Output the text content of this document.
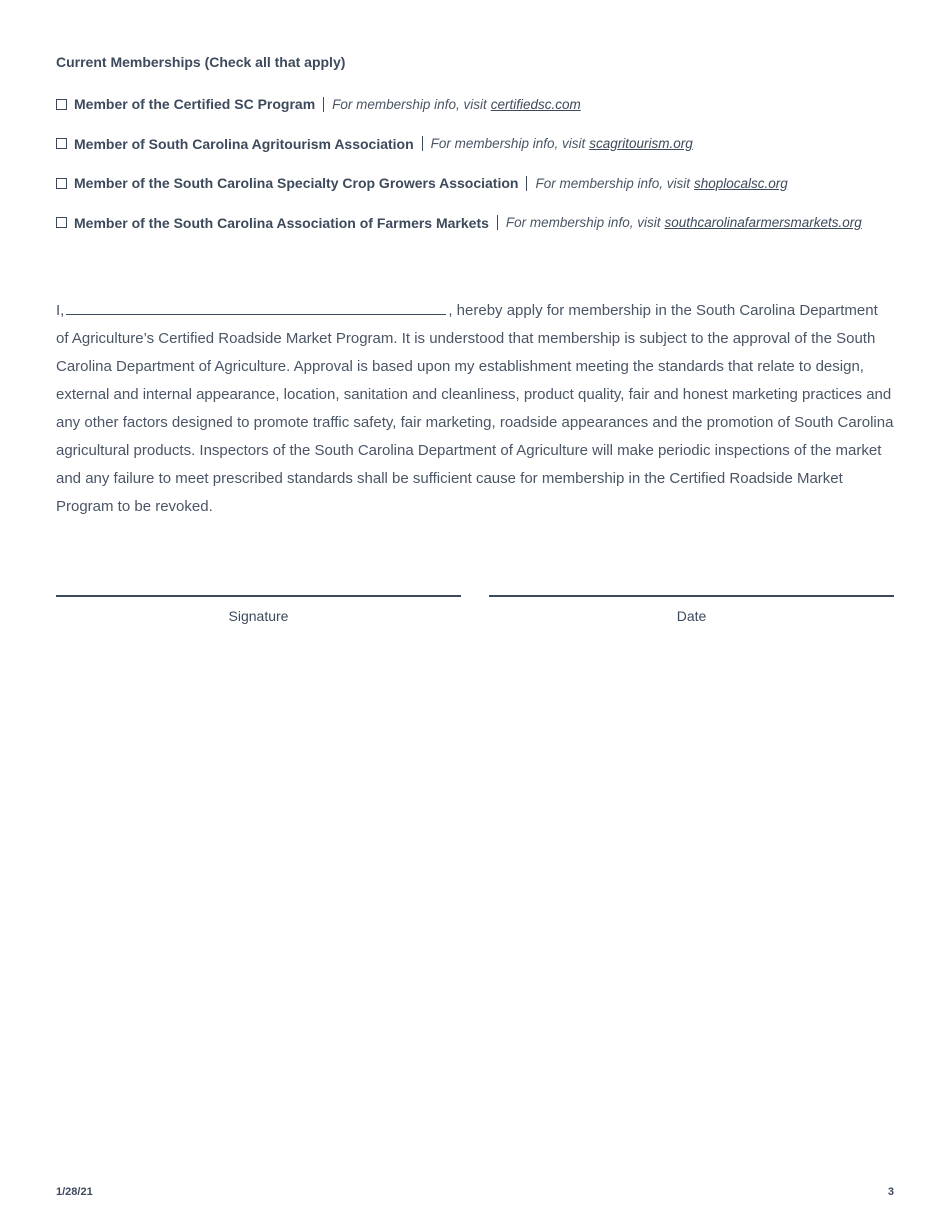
Current Memberships (Check all that apply)
Member of the Certified SC Program For membership info, visit certifiedsc.com
Member of South Carolina Agritourism Association For membership info, visit scagritourism.org
Member of the South Carolina Specialty Crop Growers Association For membership info, visit shoplocalsc.org
Member of the South Carolina Association of Farmers Markets For membership info, visit southcarolinafarmersmarkets.org
I,	, hereby apply for membership in the South Carolina Department of Agriculture’s Certified Roadside Market Program. It is understood that membership is subject to the approval of the South Carolina Department of Agriculture. Approval is based upon my establishment meeting the standards that relate to design, external and internal appearance, location, sanitation and cleanliness, product quality, fair and honest marketing practices and any other factors designed to promote traffic safety, fair marketing, roadside appearances and the promotion of South Carolina agricultural products. Inspectors of the South Carolina Department of Agriculture will make periodic inspections of the market and any failure to meet prescribed standards shall be sufficient cause for membership in the Certified Roadside Market Program to be revoked.
Signature	Date
1/28/21	3
